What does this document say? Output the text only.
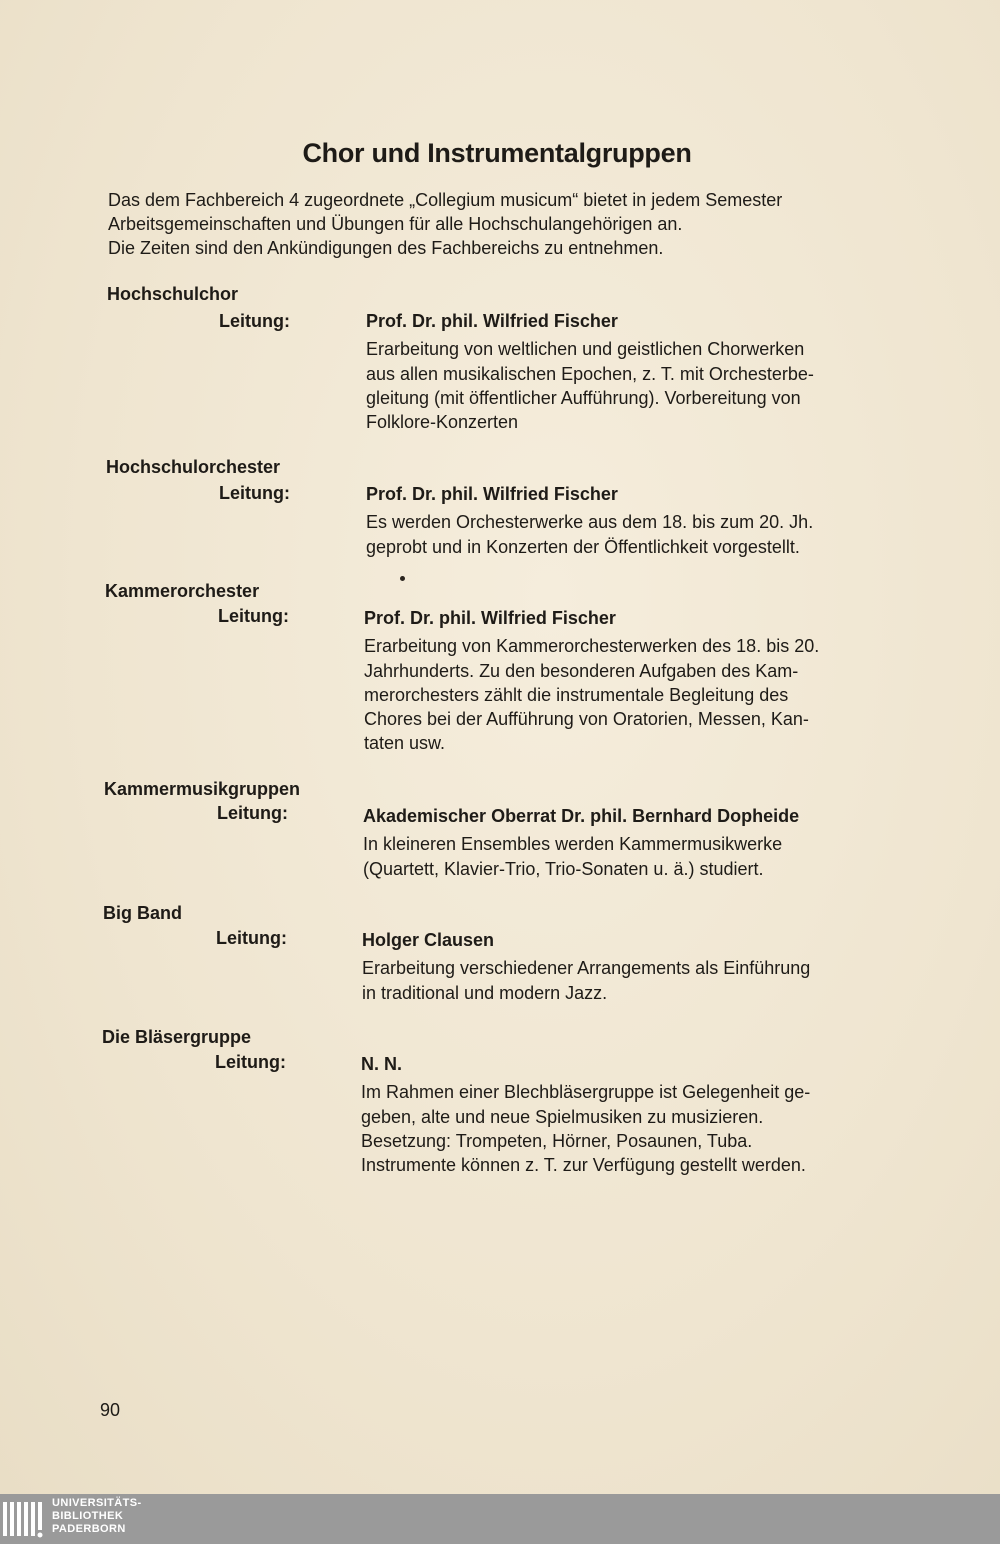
Chor und Instrumentalgruppen
Das dem Fachbereich 4 zugeordnete „Collegium musicum“ bietet in jedem Semester
Arbeitsgemeinschaften und Übungen für alle Hochschulangehörigen an.
Die Zeiten sind den Ankündigungen des Fachbereichs zu entnehmen.
Hochschulchor
Leitung:	Prof. Dr. phil. Wilfried Fischer

Erarbeitung von weltlichen und geistlichen Chorwerken
aus allen musikalischen Epochen, z. T. mit Orchesterbe-
gleitung (mit öffentlicher Aufführung). Vorbereitung von
Folklore-Konzerten

Hochschulorchester
Leitung:	Prof. Dr. phil. Wilfried Fischer

Es werden Orchesterwerke aus dem 18. bis zum 20. Jh.
geprobt und in Konzerten der Öffentlichkeit vorgestellt.

Kammerorchester
Leitung:	Prof. Dr. phil. Wilfried Fischer

Erarbeitung von Kammerorchesterwerken des 18. bis 20.
Jahrhunderts. Zu den besonderen Aufgaben des Kam-
merorchesters zählt die instrumentale Begleitung des
Chores bei der Aufführung von Oratorien, Messen, Kan-
taten usw.

Kammermusikgruppen
Leitung:	Akademischer Oberrat Dr. phil. Bernhard Dopheide

In kleineren Ensembles werden Kammermusikwerke
(Quartett, Klavier-Trio, Trio-Sonaten u. ä.) studiert.

Big Band
Leitung:	Holger Clausen

Erarbeitung verschiedener Arrangements als Einführung
in traditional und modern Jazz.

Die Bläsergruppe
Leitung:	N. N.

Im Rahmen einer Blechbläsergruppe ist Gelegenheit ge-
geben, alte und neue Spielmusiken zu musizieren.
Besetzung: Trompeten, Hörner, Posaunen, Tuba.
Instrumente können z. T. zur Verfügung gestellt werden.

90
UNIVERSITÄTS-
BIBLIOTHEK
PADERBORN
